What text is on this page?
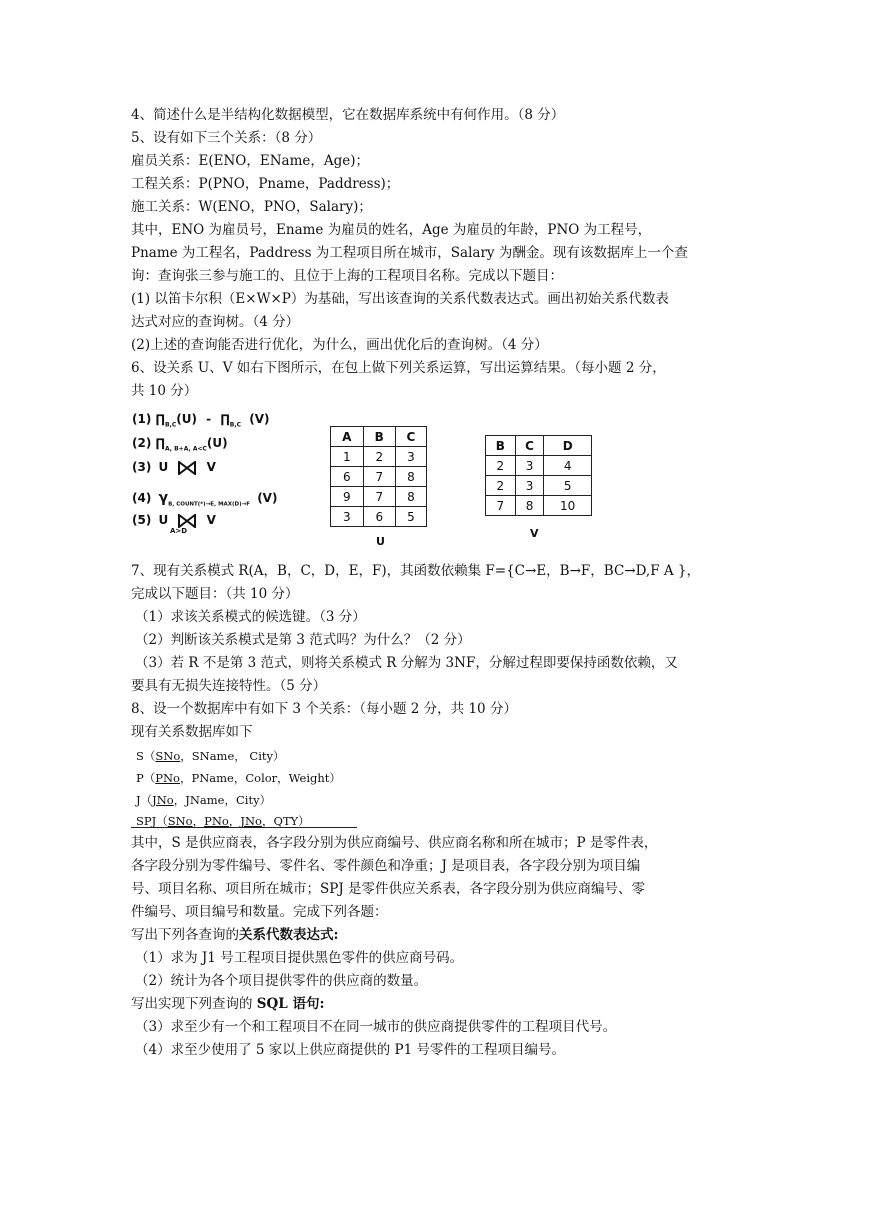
4、简述什么是半结构化数据模型，它在数据库系统中有何作用。（8 分）
5、设有如下三个关系：（8 分）
雇员关系：E(ENO，EName，Age)；
工程关系：P(PNO，Pname，Paddress)；
施工关系：W(ENO，PNO，Salary)；
其中，ENO 为雇员号，Ename 为雇员的姓名，Age 为雇员的年龄，PNO 为工程号，
Pname 为工程名，Paddress 为工程项目所在城市，Salary 为酬金。现有该数据库上一个查
询：查询张三参与施工的、且位于上海的工程项目名称。完成以下题目：
(1) 以笛卡尔积（E×W×P）为基础，写出该查询的关系代数表达式。画出初始关系代数表
达式对应的查询树。（4 分）
(2)上述的查询能否进行优化，为什么，画出优化后的查询树。（4 分）
6、设关系 U、V 如右下图所示，在包上做下列关系运算，写出运算结果。（每小题 2 分，
共 10 分）
(1) $\prod_{B,C}(U)$ - $\prod_{B,C}$ (V)
(2) $\prod_{A, B+A, A<C}(U)$
(3) U	V
(4) $\gamma_{B, COUNT(*)\to E, MAX(D)\to F}$ (V)
(5) U	V
A>D
A	B	C
1	2	3
6	7	8
9	7	8
3	6	5
U
B	C	D
2	3	4
2	3	5
7	8	10
V
7、现有关系模式 R(A，B，C，D，E，F)，其函数依赖集 F={C→E，B→F，BC→D,F A }，
完成以下题目：（共 10 分）
（1）求该关系模式的候选键。（3 分）
（2）判断该关系模式是第 3 范式吗？为什么？（2 分）
（3）若 R 不是第 3 范式，则将关系模式 R 分解为 3NF，分解过程即要保持函数依赖，又
要具有无损失连接特性。（5 分）
8、设一个数据库中有如下 3 个关系：（每小题 2 分，共 10 分）
现有关系数据库如下
S（SNo，SName， City）
P（PNo，PName，Color，Weight）
J（JNo，JName，City）
SPJ（SNo，PNo，JNo，QTY）
其中，S 是供应商表，各字段分别为供应商编号、供应商名称和所在城市；P 是零件表，
各字段分别为零件编号、零件名、零件颜色和净重；J 是项目表，各字段分别为项目编
号、项目名称、项目所在城市；SPJ 是零件供应关系表，各字段分别为供应商编号、零
件编号、项目编号和数量。完成下列各题：
写出下列各查询的关系代数表达式:
（1）求为 J1 号工程项目提供黑色零件的供应商号码。
（2）统计为各个项目提供零件的供应商的数量。
写出实现下列查询的 SQL 语句:
（3）求至少有一个和工程项目不在同一城市的供应商提供零件的工程项目代号。
（4）求至少使用了 5 家以上供应商提供的 P1 号零件的工程项目编号。
